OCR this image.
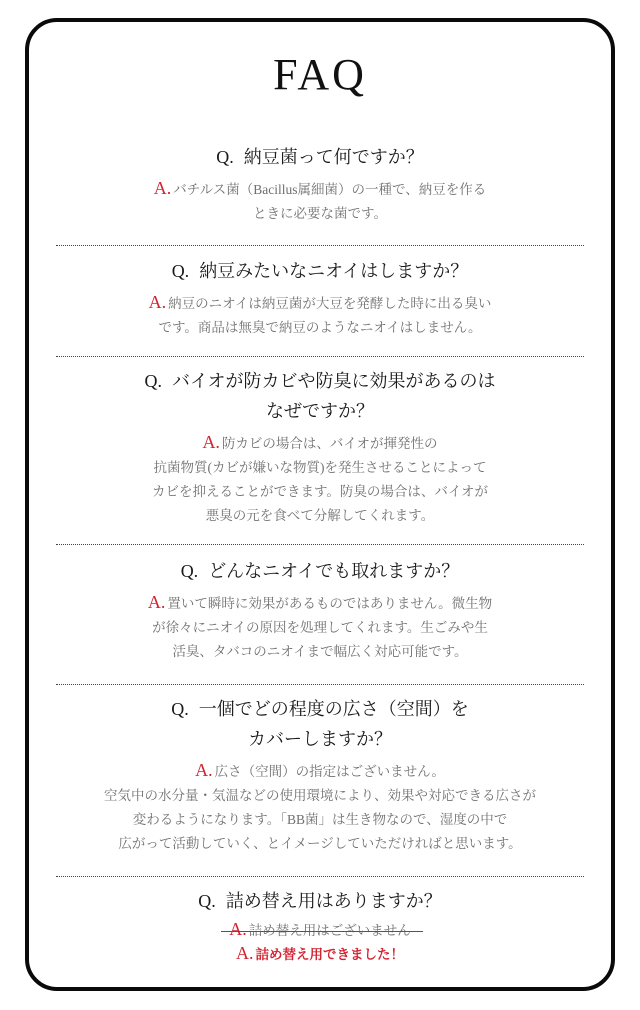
FAQ
Q. 納豆菌って何ですか？
A. バチルス菌（Bacillus属細菌）の一種で、納豆を作る
ときに必要な菌です。
Q. 納豆みたいなニオイはしますか？
A. 納豆のニオイは納豆菌が大豆を発酵した時に出る臭い
です。商品は無臭で納豆のようなニオイはしません。
Q. バイオが防カビや防臭に効果があるのは
なぜですか？
A. 防カビの場合は、バイオが揮発性の
抗菌物質(カビが嫌いな物質)を発生させることによって
カビを抑えることができます。防臭の場合は、バイオが
悪臭の元を食べて分解してくれます。
Q. どんなニオイでも取れますか？
A. 置いて瞬時に効果があるものではありません。微生物
が徐々にニオイの原因を処理してくれます。生ごみや生
活臭、タバコのニオイまで幅広く対応可能です。
Q. 一個でどの程度の広さ（空間）を
カバーしますか？
A. 広さ（空間）の指定はございません。
空気中の水分量・気温などの使用環境により、効果や対応できる広さが
変わるようになります。「BB菌」は生き物なので、湿度の中で
広がって活動していく、とイメージしていただければと思います。
Q. 詰め替え用はありますか？
A. 詰め替え用はございません
A. 詰め替え用できました！
